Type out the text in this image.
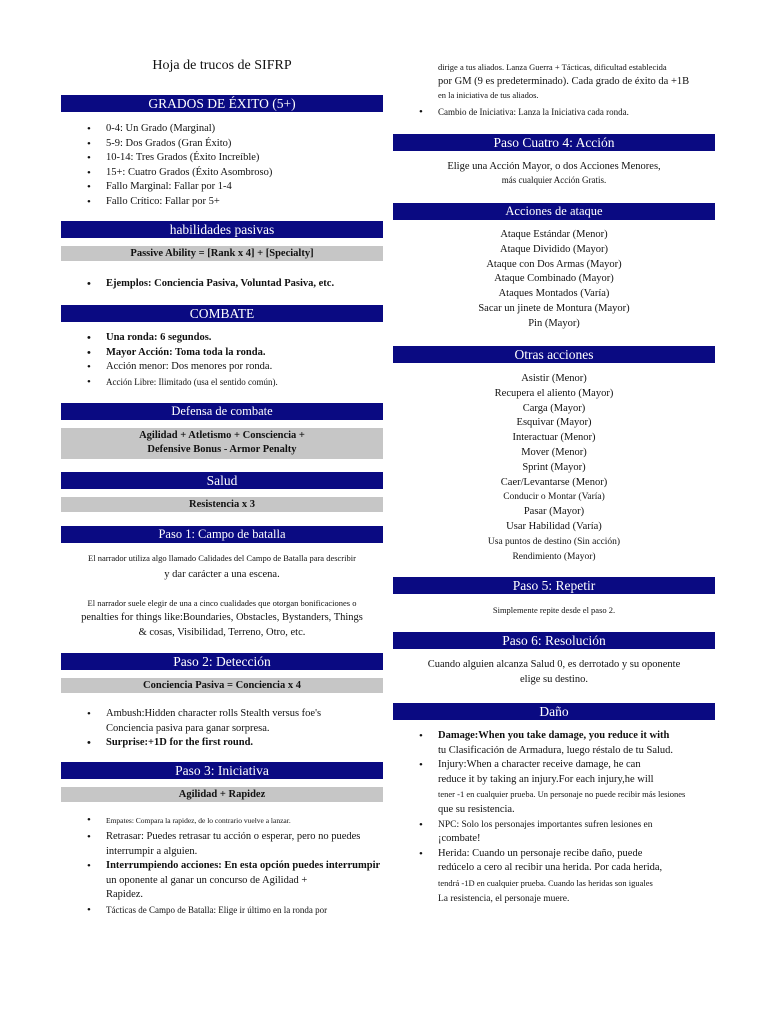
Hoja de trucos de SIFRP
GRADOS DE ÉXITO (5+)
• 0-4: Un Grado (Marginal)
• 5-9: Dos Grados (Gran Éxito)
• 10-14: Tres Grados (Éxito Increíble)
• 15+: Cuatro Grados (Éxito Asombroso)
• Fallo Marginal: Fallar por 1-4
• Fallo Crítico: Fallar por 5+
habilidades pasivas
Passive Ability = [Rank x 4] + [Specialty]
• Ejemplos: Conciencia Pasiva, Voluntad Pasiva, etc.
COMBATE
• Una ronda: 6 segundos.
• Mayor Acción: Toma toda la ronda.
• Acción menor: Dos menores por ronda.
• Acción Libre: Ilimitado (usa el sentido común).
Defensa de combate
Agilidad + Atletismo + Consciencia +
Defensive Bonus - Armor Penalty
Salud
Resistencia x 3
Paso 1: Campo de batalla
El narrador utiliza algo llamado Calidades del Campo de Batalla para describir
y dar carácter a una escena.
El narrador suele elegir de una a cinco cualidades que otorgan bonificaciones o
penalties for things like:Boundaries, Obstacles, Bystanders, Things
& cosas, Visibilidad, Terreno, Otro, etc.
Paso 2: Detección
Conciencia Pasiva = Conciencia x 4
• Ambush:Hidden character rolls Stealth versus foe's
Conciencia pasiva para ganar sorpresa.
• Surprise:+1D for the first round.
Paso 3: Iniciativa
Agilidad + Rapidez
• Empates: Compara la rapidez, de lo contrario vuelve a lanzar.
• Retrasar: Puedes retrasar tu acción o esperar, pero no puedes
interrumpir a alguien.
• Interrumpiendo acciones: En esta opción puedes interrumpir
un oponente al ganar un concurso de Agilidad +
Rapidez.
• Tácticas de Campo de Batalla: Elige ir último en la ronda por
dirige a tus aliados. Lanza Guerra + Tácticas, dificultad establecida
por GM (9 es predeterminado). Cada grado de éxito da +1B
en la iniciativa de tus aliados.
• Cambio de Iniciativa: Lanza la Iniciativa cada ronda.
Paso Cuatro 4: Acción
Elige una Acción Mayor, o dos Acciones Menores,
más cualquier Acción Gratis.
Acciones de ataque
Ataque Estándar (Menor)
Ataque Dividido (Mayor)
Ataque con Dos Armas (Mayor)
Ataque Combinado (Mayor)
Ataques Montados (Varía)
Sacar un jinete de Montura (Mayor)
Pin (Mayor)
Otras acciones
Asistir (Menor)
Recupera el aliento (Mayor)
Carga (Mayor)
Esquivar (Mayor)
Interactuar (Menor)
Mover (Menor)
Sprint (Mayor)
Caer/Levantarse (Menor)
Conducir o Montar (Varía)
Pasar (Mayor)
Usar Habilidad (Varía)
Usa puntos de destino (Sin acción)
Rendimiento (Mayor)
Paso 5: Repetir
Simplemente repite desde el paso 2.
Paso 6: Resolución
Cuando alguien alcanza Salud 0, es derrotado y su oponente
elige su destino.
Daño
• Damage:When you take damage, you reduce it with
tu Clasificación de Armadura, luego réstalo de tu Salud.
• Injury:When a character receive damage, he can
reduce it by taking an injury.For each injury,he will
tener -1 en cualquier prueba. Un personaje no puede recibir más lesiones
que su resistencia.
• NPC: Solo los personajes importantes sufren lesiones en
¡combate!
• Herida: Cuando un personaje recibe daño, puede
redúcelo a cero al recibir una herida. Por cada herida,
tendrá -1D en cualquier prueba. Cuando las heridas son iguales
La resistencia, el personaje muere.
